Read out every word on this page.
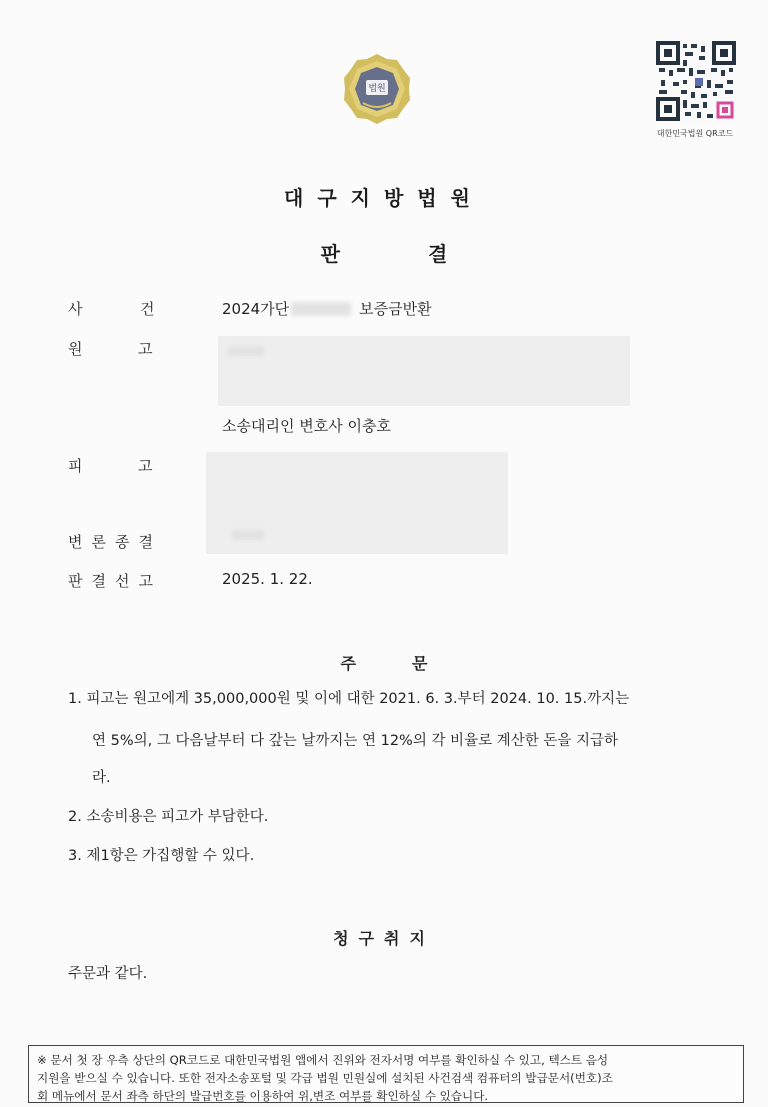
법원
대한민국법원 QR코드
대구지방법원
판	결
사	건	2024가단	보증금반환
원	고
소송대리인 변호사 이충호
피	고
변론종결
판결선고	2025. 1. 22.
주	문
1. 피고는 원고에게 35,000,000원 및 이에 대한 2021. 6. 3.부터 2024. 10. 15.까지는
연 5%의, 그 다음날부터 다 갚는 날까지는 연 12%의 각 비율로 계산한 돈을 지급하
라.
2. 소송비용은 피고가 부담한다.
3. 제1항은 가집행할 수 있다.
청구취지
주문과 같다.
※ 문서 첫 장 우측 상단의 QR코드로 대한민국법원 앱에서 진위와 전자서명 여부를 확인하실 수 있고, 텍스트 음성
지원을 받으실 수 있습니다. 또한 전자소송포털 및 각급 법원 민원실에 설치된 사건검색 컴퓨터의 발급문서(번호)조
회 메뉴에서 문서 좌측 하단의 발급번호를 이용하여 위,변조 여부를 확인하실 수 있습니다.
